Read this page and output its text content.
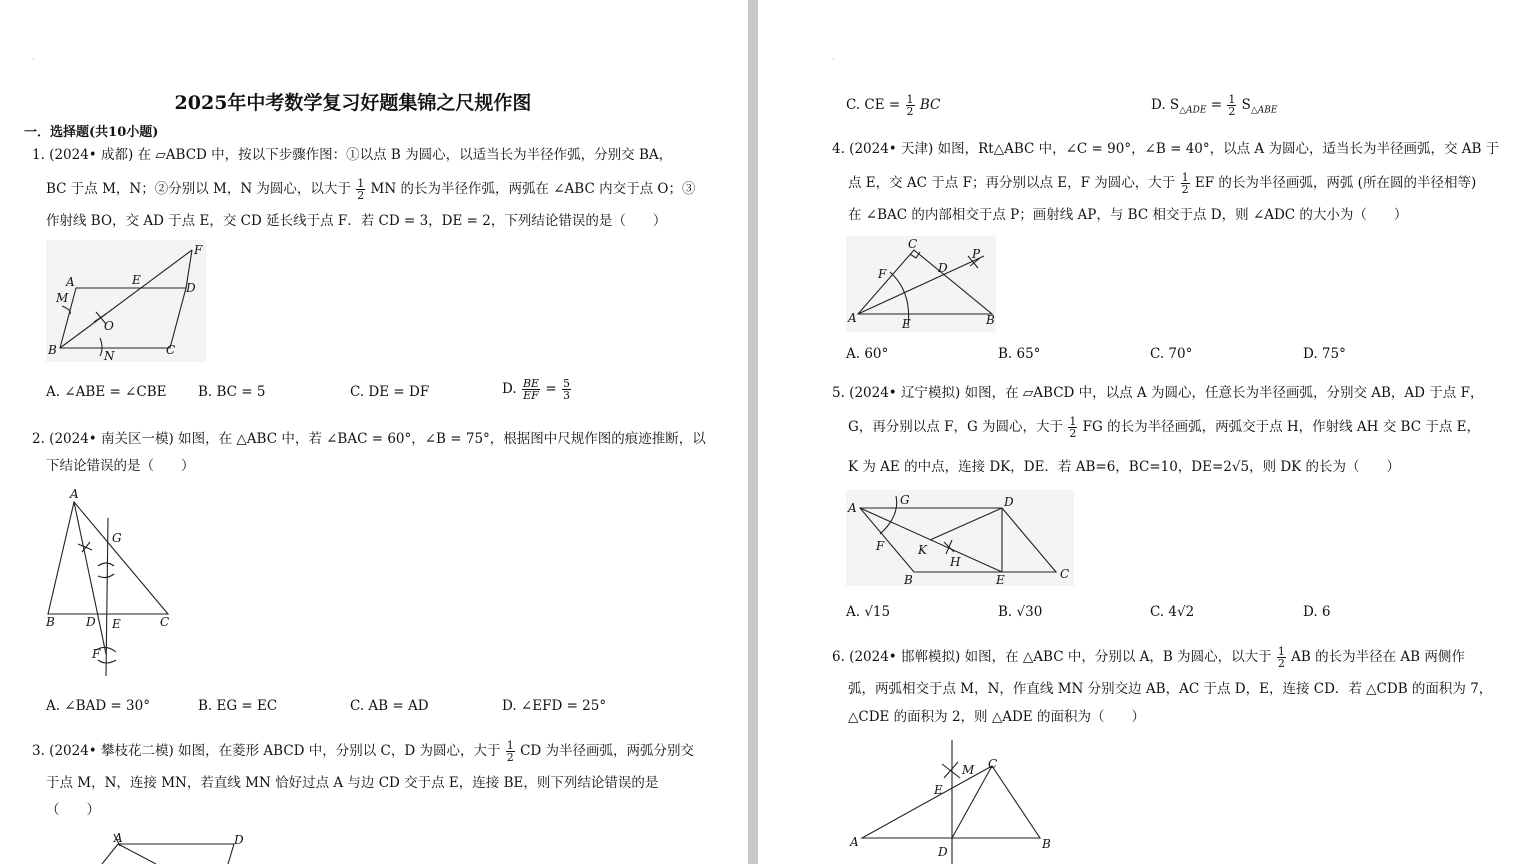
·
2025年中考数学复习好题集锦之尺规作图
一．选择题(共10小题)
1. (2024• 成都) 在 ▱ABCD 中，按以下步骤作图：①以点 B 为圆心，以适当长为半径作弧，分别交 BA，
BC 于点 M，N；②分别以 M，N 为圆心，以大于 $\frac{1}{2}$ MN 的长为半径作弧，两弧在 ∠ABC 内交于点 O；③
作射线 BO，交 AD 于点 E，交 CD 延长线于点 F．若 CD = 3，DE = 2，下列结论错误的是（　　）
A
B	C
D
E
F
M
N
O
A. ∠ABE = ∠CBE B. BC = 5	C. DE = DF	D. $\frac{BE}{EF} = \frac{5}{3}$
2. (2024• 南关区一模) 如图，在 △ABC 中，若 ∠BAC = 60°，∠B = 75°，根据图中尺规作图的痕迹推断，以
下结论错误的是（　　）
A
B	C
D E
F
G
A. ∠BAD = 30°	B. EG = EC	C. AB = AD	D. ∠EFD = 25°
3. (2024• 攀枝花二模) 如图，在菱形 ABCD 中，分别以 C，D 为圆心，大于 $\frac{1}{2}$ CD 为半径画弧，两弧分别交
于点 M，N，连接 MN，若直线 MN 恰好过点 A 与边 CD 交于点 E，连接 BE，则下列结论错误的是
（　　）
A	D
·
C. CE = $\frac{1}{2}$ BC	D. $S_{\triangle ADE} = \frac{1}{2} S_{\triangle ABE}$
4. (2024• 天津) 如图，Rt△ABC 中，∠C = 90°，∠B = 40°，以点 A 为圆心，适当长为半径画弧，交 AB 于
点 E，交 AC 于点 F；再分别以点 E，F 为圆心，大于 $\frac{1}{2}$ EF 的长为半径画弧，两弧 (所在圆的半径相等)
在 ∠BAC 的内部相交于点 P；画射线 AP，与 BC 相交于点 D，则 ∠ADC 的大小为（　　）
A	B
C
D
E
F
P
A. 60°	B. 65°	C. 70°	D. 75°
5. (2024• 辽宁模拟) 如图，在 ▱ABCD 中，以点 A 为圆心，任意长为半径画弧，分别交 AB，AD 于点 F，
G，再分别以点 F，G 为圆心，大于 $\frac{1}{2}$ FG 的长为半径画弧，两弧交于点 H，作射线 AH 交 BC 于点 E，
K 为 AE 的中点，连接 DK，DE．若 AB=6，BC=10，DE=2√5，则 DK 的长为（　　）
A
B	C
D
E
F
G
H
K
A. √15	B. √30	C. 4√2	D. 6
6. (2024• 邯郸模拟) 如图，在 △ABC 中，分别以 A，B 为圆心，以大于 $\frac{1}{2}$ AB 的长为半径在 AB 两侧作
弧，两弧相交于点 M，N，作直线 MN 分别交边 AB，AC 于点 D，E，连接 CD．若 △CDB 的面积为 7，
△CDE 的面积为 2，则 △ADE 的面积为（　　）
A	B
C
D
E
M
